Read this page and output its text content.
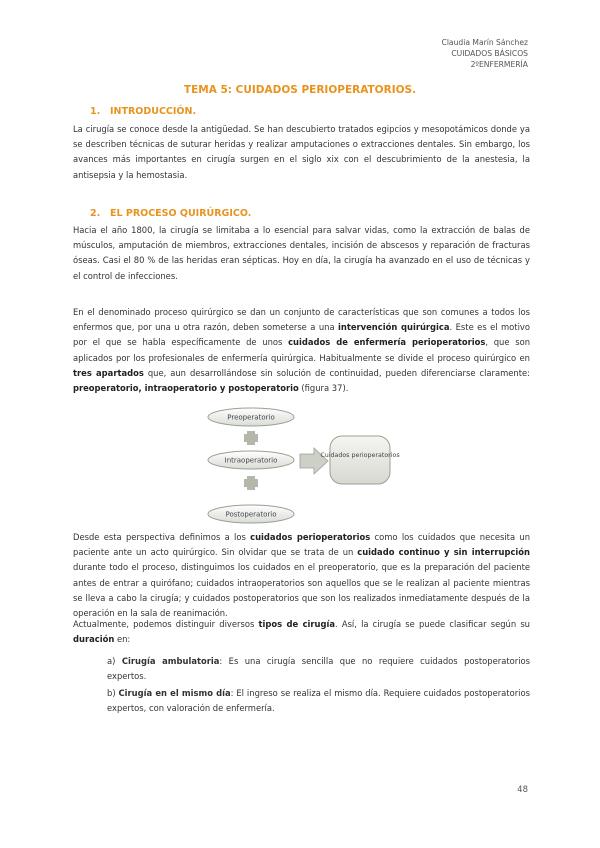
Claudia Marín Sánchez
CUIDADOS BÁSICOS
2ºENFERMERÍA
TEMA 5: CUIDADOS PERIOPERATORIOS.
1. INTRODUCCIÓN.
La cirugía se conoce desde la antigüedad. Se han descubierto tratados egipcios y mesopotámicos donde ya se describen técnicas de suturar heridas y realizar amputaciones o extracciones dentales. Sin embargo, los avances más importantes en cirugía surgen en el siglo xix con el descubrimiento de la anestesia, la antisepsia y la hemostasia.
2. EL PROCESO QUIRÚRGICO.
Hacia el año 1800, la cirugía se limitaba a lo esencial para salvar vidas, como la extracción de balas de músculos, amputación de miembros, extracciones dentales, incisión de abscesos y reparación de fracturas óseas. Casi el 80 % de las heridas eran sépticas. Hoy en día, la cirugía ha avanzado en el uso de técnicas y el control de infecciones.
En el denominado proceso quirúrgico se dan un conjunto de características que son comunes a todos los enfermos que, por una u otra razón, deben someterse a una intervención quirúrgica. Este es el motivo por el que se habla específicamente de unos cuidados de enfermería perioperatorios, que son aplicados por los profesionales de enfermería quirúrgica. Habitualmente se divide el proceso quirúrgico en tres apartados que, aun desarrollándose sin solución de continuidad, pueden diferenciarse claramente: preoperatorio, intraoperatorio y postoperatorio (figura 37).
Preoperatorio
Intraoperatorio
Postoperatorio
Cuidados perioperatorios
Desde esta perspectiva definimos a los cuidados perioperatorios como los cuidados que necesita un paciente ante un acto quirúrgico. Sin olvidar que se trata de un cuidado continuo y sin interrupción durante todo el proceso, distinguimos los cuidados en el preoperatorio, que es la preparación del paciente antes de entrar a quirófano; cuidados intraoperatorios son aquellos que se le realizan al paciente mientras se lleva a cabo la cirugía; y cuidados postoperatorios que son los realizados inmediatamente después de la operación en la sala de reanimación.
Actualmente, podemos distinguir diversos tipos de cirugía. Así, la cirugía se puede clasificar según su duración en:
a) Cirugía ambulatoria: Es una cirugía sencilla que no requiere cuidados postoperatorios expertos.
b) Cirugía en el mismo día: El ingreso se realiza el mismo día. Requiere cuidados postoperatorios expertos, con valoración de enfermería.
48
